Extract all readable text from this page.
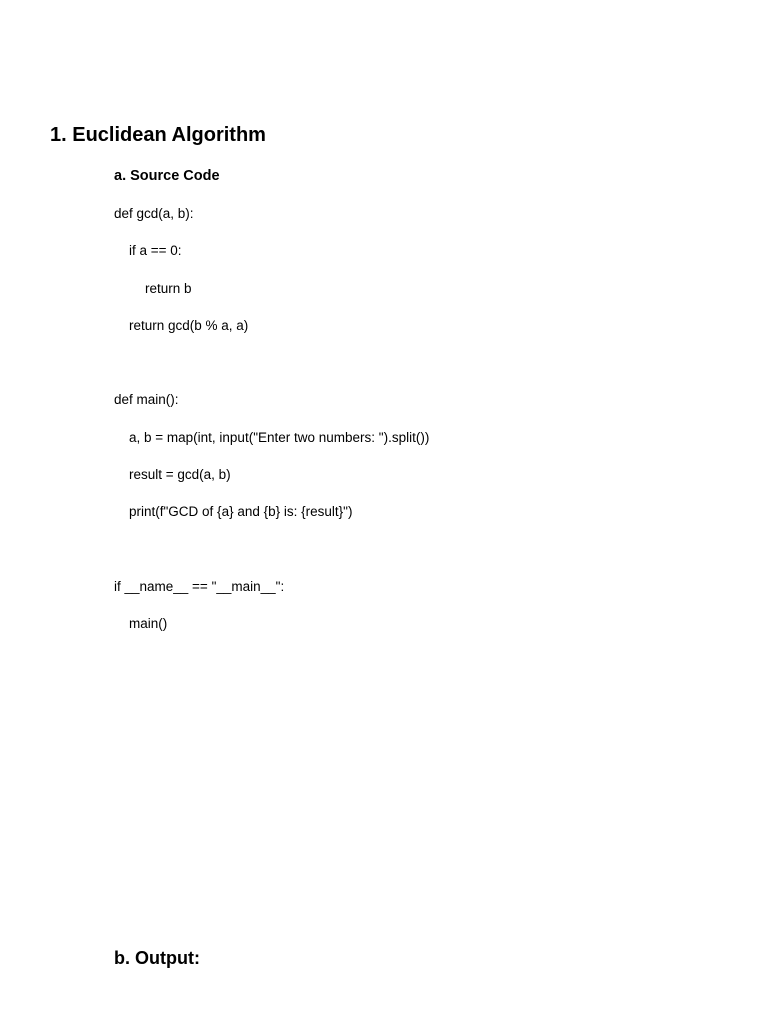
1. Euclidean Algorithm
a. Source Code
def gcd(a, b):
if a == 0:
return b
return gcd(b % a, a)
def main():
a, b = map(int, input("Enter two numbers: ").split())
result = gcd(a, b)
print(f"GCD of {a} and {b} is: {result}")
if __name__ == "__main__":
main()
b. Output:
